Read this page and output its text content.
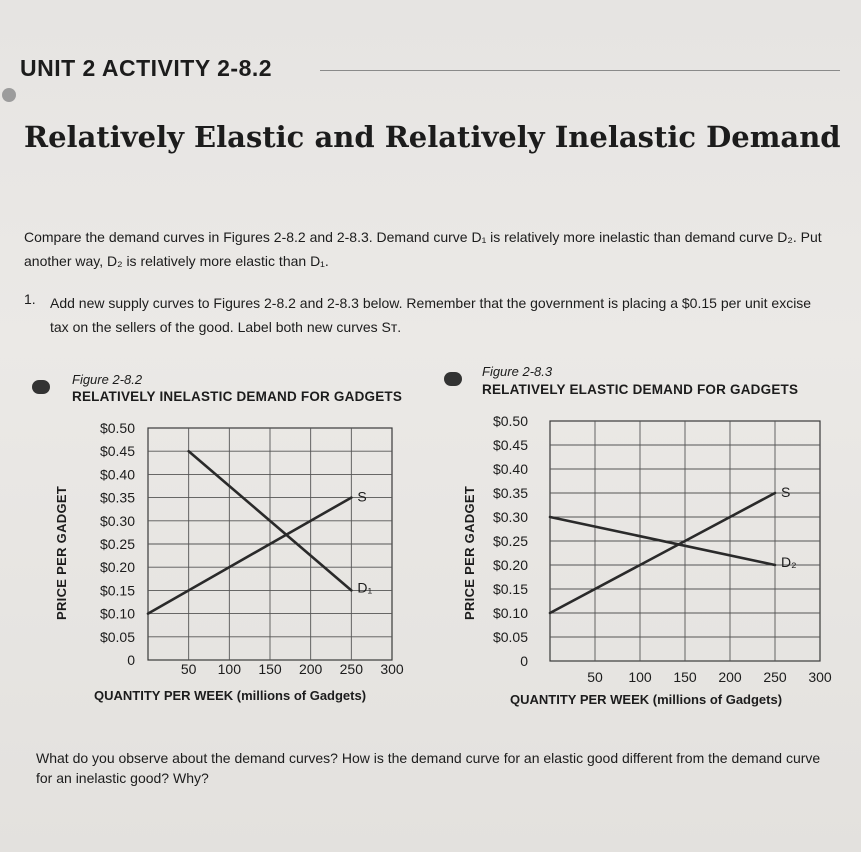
UNIT 2 ACTIVITY 2-8.2
Relatively Elastic and Relatively Inelastic Demand
Compare the demand curves in Figures 2-8.2 and 2-8.3. Demand curve D₁ is relatively more inelastic than demand curve D₂. Put another way, D₂ is relatively more elastic than D₁.
1. Add new supply curves to Figures 2-8.2 and 2-8.3 below. Remember that the government is placing a $0.15 per unit excise tax on the sellers of the good. Label both new curves Sᴛ.
Figure 2-8.2
RELATIVELY INELASTIC DEMAND FOR GADGETS
PRICE PER GADGET
0
$0.05
$0.10
$0.15
$0.20
$0.25
$0.30
$0.35
$0.40
$0.45
$0.50
50 100 150 200 250 300
S
D₁
0
$0.05
$0.10
$0.15
$0.20
$0.25
$0.30
$0.35
$0.40
$0.45
$0.50
50 100 150 200 250 300
S
D₂
QUANTITY PER WEEK (millions of Gadgets)
Figure 2-8.3
RELATIVELY ELASTIC DEMAND FOR GADGETS
PRICE PER GADGET
QUANTITY PER WEEK (millions of Gadgets)
What do you observe about the demand curves? How is the demand curve for an elastic good different from the demand curve for an inelastic good? Why?
